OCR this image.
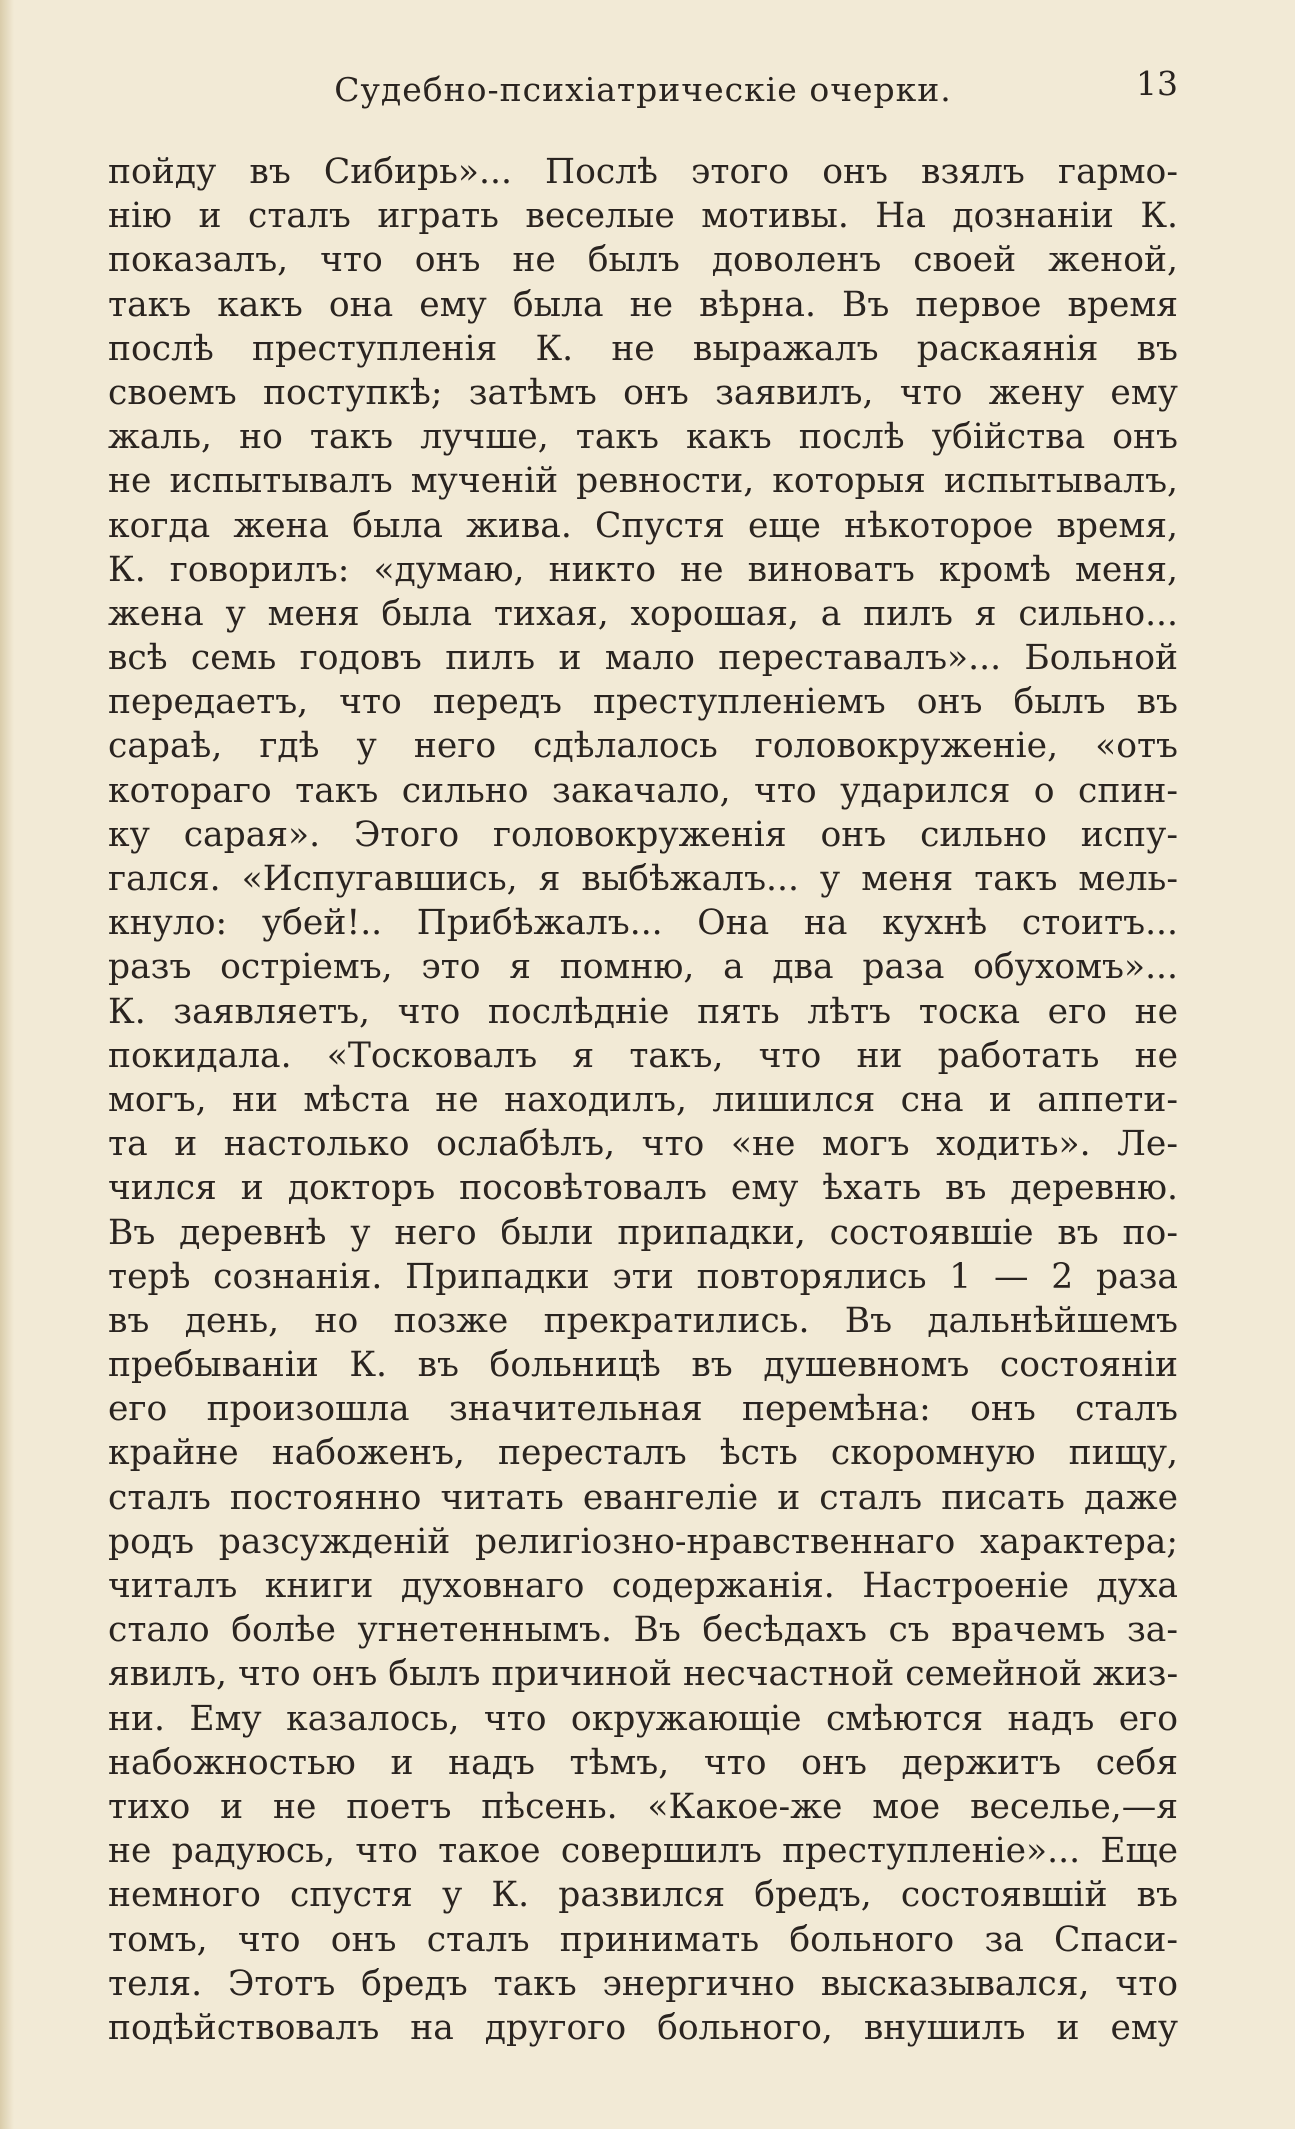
Судебно-психіатрическіе очерки.	13
пойду въ Сибирь»... Послѣ этого онъ взялъ гармо-
нію и сталъ играть веселые мотивы. На дознаніи К.
показалъ, что онъ не былъ доволенъ своей женой,
такъ какъ она ему была не вѣрна. Въ первое время
послѣ преступленія К. не выражалъ раскаянія въ
своемъ поступкѣ; затѣмъ онъ заявилъ, что жену ему
жаль, но такъ лучше, такъ какъ послѣ убійства онъ
не испытывалъ мученій ревности, которыя испытывалъ,
когда жена была жива. Спустя еще нѣкоторое время,
К. говорилъ: «думаю, никто не виноватъ кромѣ меня,
жена у меня была тихая, хорошая, а пилъ я сильно...
всѣ семь годовъ пилъ и мало переставалъ»... Больной
передаетъ, что передъ преступленіемъ онъ былъ въ
сараѣ, гдѣ у него сдѣлалось головокруженіе, «отъ
котораго такъ сильно закачало, что ударился о спин-
ку сарая». Этого головокруженія онъ сильно испу-
гался. «Испугавшись, я выбѣжалъ... у меня такъ мель-
кнуло: убей!.. Прибѣжалъ... Она на кухнѣ стоитъ...
разъ остріемъ, это я помню, а два раза обухомъ»...
К. заявляетъ, что послѣдніе пять лѣтъ тоска его не
покидала. «Тосковалъ я такъ, что ни работать не
могъ, ни мѣста не находилъ, лишился сна и аппети-
та и настолько ослабѣлъ, что «не могъ ходить». Ле-
чился и докторъ посовѣтовалъ ему ѣхать въ деревню.
Въ деревнѣ у него были припадки, состоявшіе въ по-
терѣ сознанія. Припадки эти повторялись 1 — 2 раза
въ день, но позже прекратились. Въ дальнѣйшемъ
пребываніи К. въ больницѣ въ душевномъ состояніи
его произошла значительная перемѣна: онъ сталъ
крайне набоженъ, пересталъ ѣсть скоромную пищу,
сталъ постоянно читать евангеліе и сталъ писать даже
родъ разсужденій религіозно-нравственнаго характера;
читалъ книги духовнаго содержанія. Настроеніе духа
стало болѣе угнетеннымъ. Въ бесѣдахъ съ врачемъ за-
явилъ, что онъ былъ причиной несчастной семейной жиз-
ни. Ему казалось, что окружающіе смѣются надъ его
набожностью и надъ тѣмъ, что онъ держитъ себя
тихо и не поетъ пѣсень. «Какое-же мое веселье,—я
не радуюсь, что такое совершилъ преступленіе»... Еще
немного спустя у К. развился бредъ, состоявшій въ
томъ, что онъ сталъ принимать больного за Спаси-
теля. Этотъ бредъ такъ энергично высказывался, что
подѣйствовалъ на другого больного, внушилъ и ему
